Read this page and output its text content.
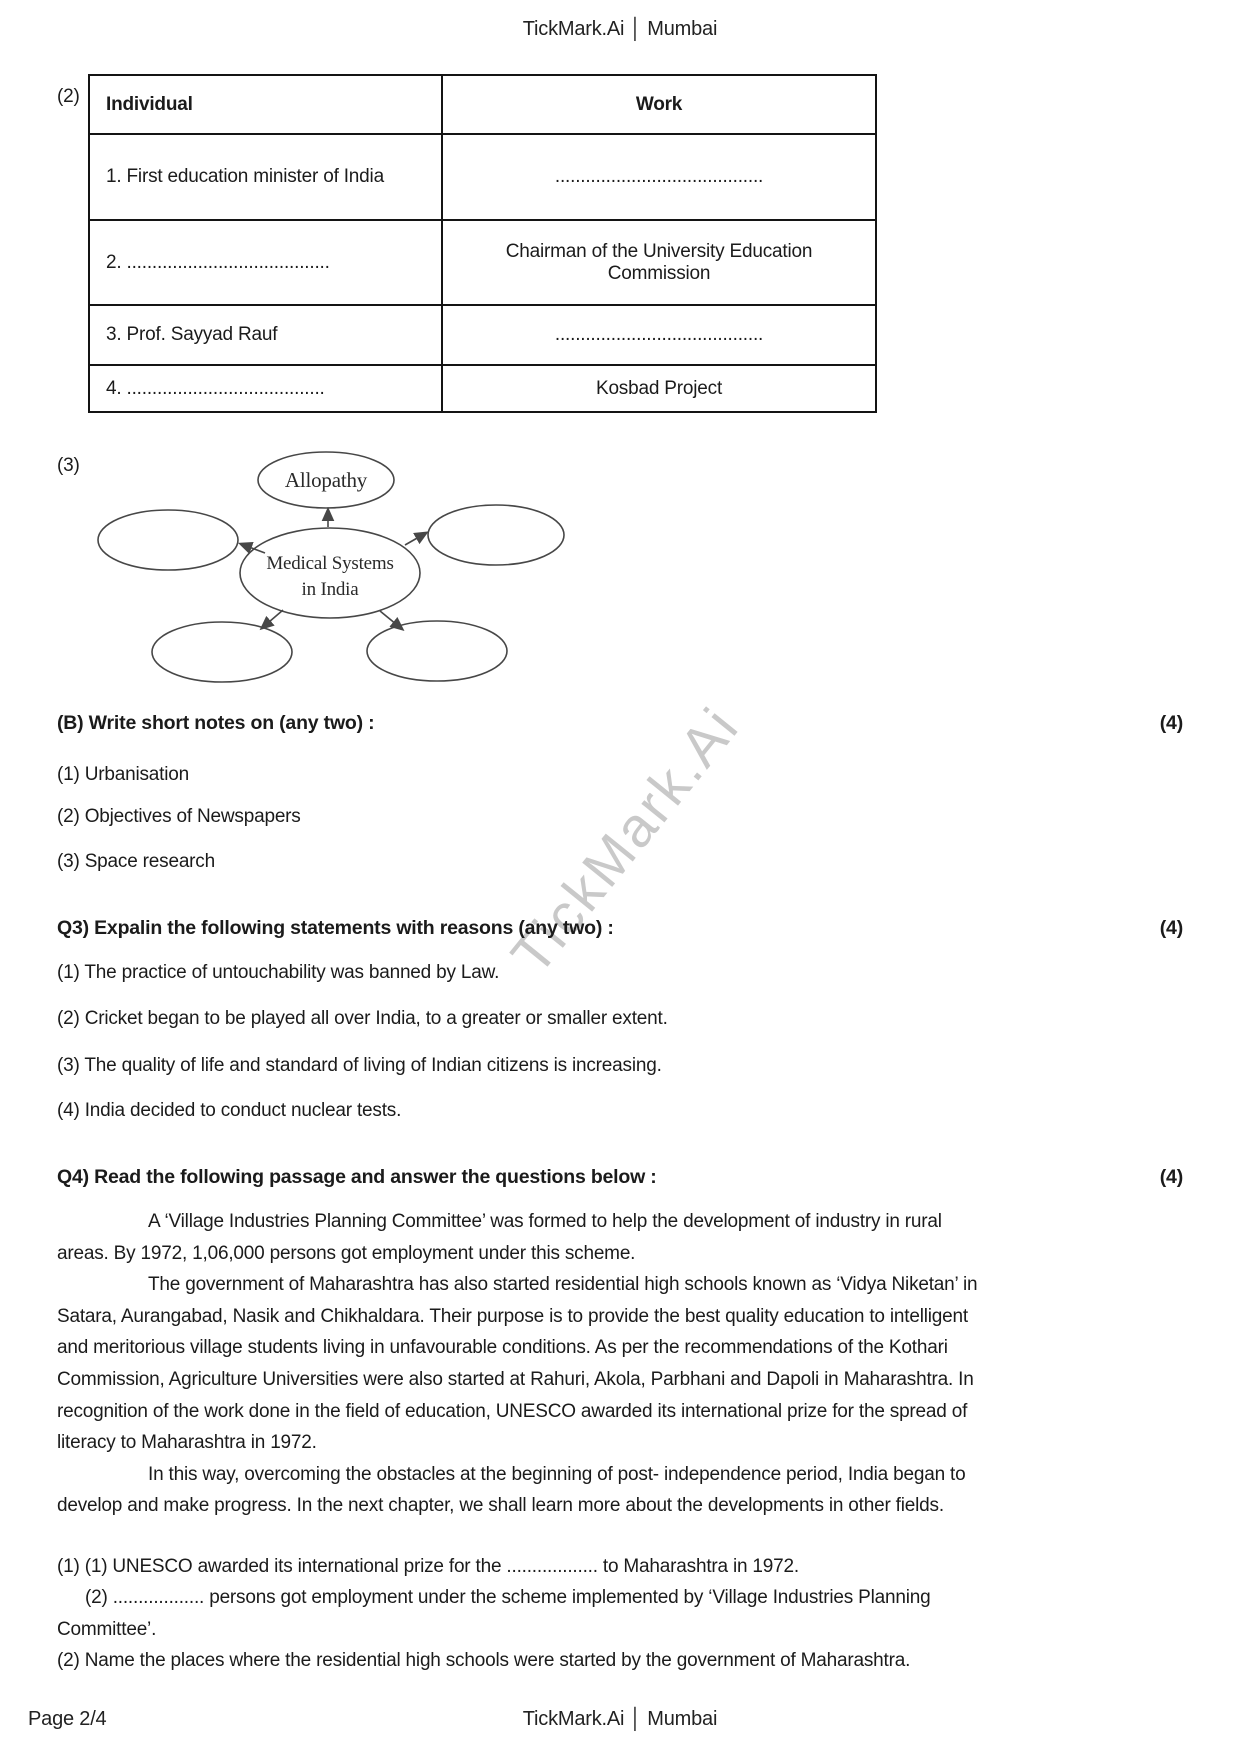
TickMark.Ai
TickMark.Ai │ Mumbai
(2) Individual	Work
1. First education minister of India	.........................................
2. ........................................	Chairman of the University Education Commission
3. Prof. Sayyad Rauf	.........................................
4. .......................................	Kosbad Project
(3)
Allopathy
Medical Systems
in India
(B) Write short notes on (any two) :	(4)
(1) Urbanisation
(2) Objectives of Newspapers
(3) Space research
Q3) Expalin the following statements with reasons (any two) :	(4)
(1) The practice of untouchability was banned by Law.
(2) Cricket began to be played all over India, to a greater or smaller extent.
(3) The quality of life and standard of living of Indian citizens is increasing.
(4) India decided to conduct nuclear tests.
Q4) Read the following passage and answer the questions below :	(4)
A ‘Village Industries Planning Committee’ was formed to help the development of industry in rural
areas. By 1972, 1,06,000 persons got employment under this scheme.
The government of Maharashtra has also started residential high schools known as ‘Vidya Niketan’ in
Satara, Aurangabad, Nasik and Chikhaldara. Their purpose is to provide the best quality education to intelligent
and meritorious village students living in unfavourable conditions. As per the recommendations of the Kothari
Commission, Agriculture Universities were also started at Rahuri, Akola, Parbhani and Dapoli in Maharashtra. In
recognition of the work done in the field of education, UNESCO awarded its international prize for the spread of
literacy to Maharashtra in 1972.
In this way, overcoming the obstacles at the beginning of post- independence period, India began to
develop and make progress. In the next chapter, we shall learn more about the developments in other fields.
(1) (1) UNESCO awarded its international prize for the .................. to Maharashtra in 1972.
(2) .................. persons got employment under the scheme implemented by ‘Village Industries Planning
Committee’.
(2) Name the places where the residential high schools were started by the government of Maharashtra.
Page 2/4	TickMark.Ai │ Mumbai
